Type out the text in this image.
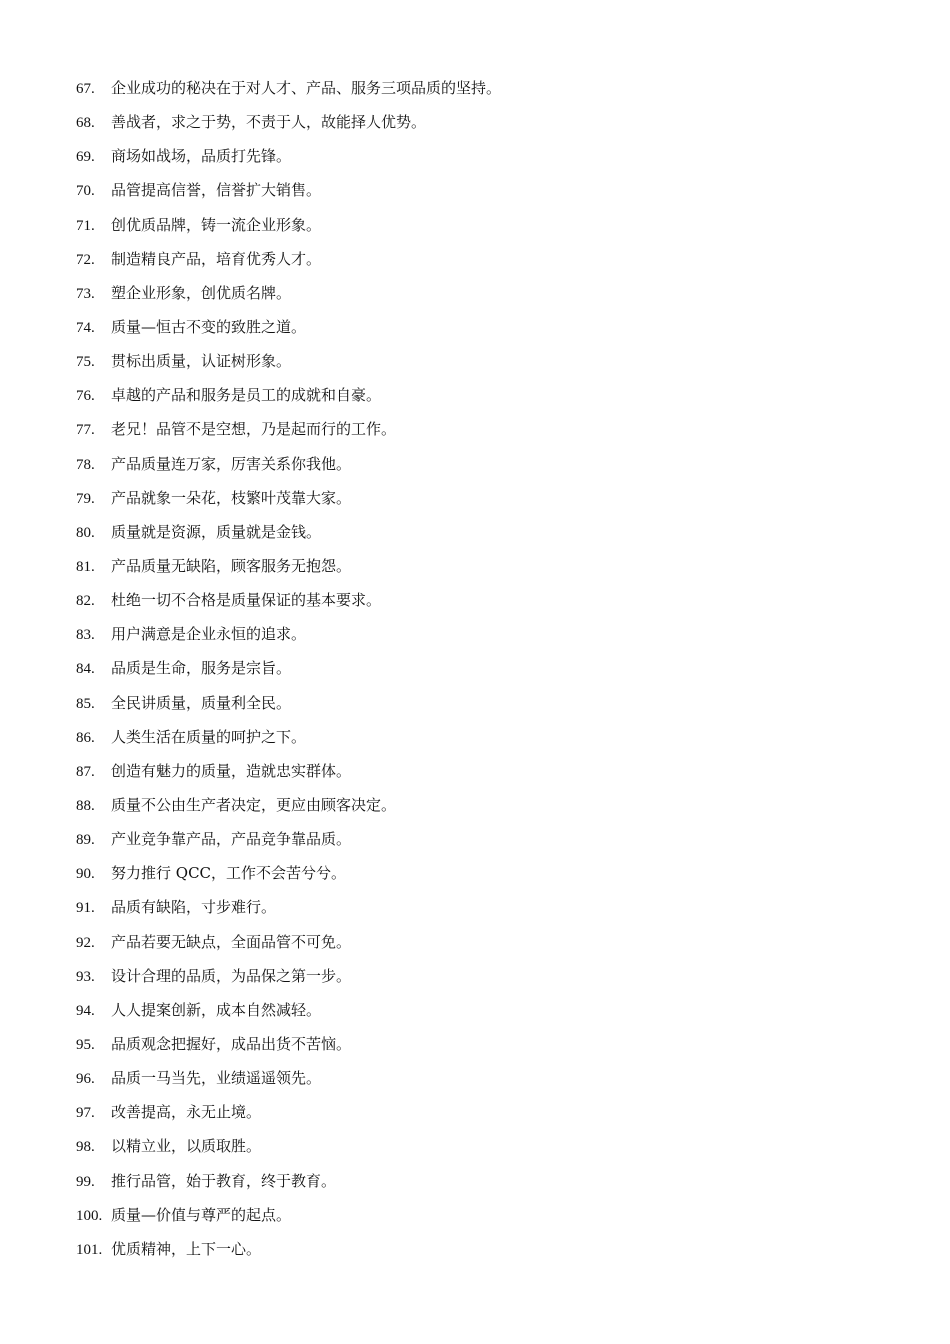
67. 企业成功的秘决在于对人才、产品、服务三项品质的坚持。
68. 善战者，求之于势，不责于人，故能择人优势。
69. 商场如战场，品质打先锋。
70. 品管提高信誉，信誉扩大销售。
71. 创优质品牌，铸一流企业形象。
72. 制造精良产品，培育优秀人才。
73. 塑企业形象，创优质名牌。
74. 质量—恒古不变的致胜之道。
75. 贯标出质量，认证树形象。
76. 卓越的产品和服务是员工的成就和自豪。
77. 老兄！品管不是空想，乃是起而行的工作。
78. 产品质量连万家，厉害关系你我他。
79. 产品就象一朵花，枝繁叶茂靠大家。
80. 质量就是资源，质量就是金钱。
81. 产品质量无缺陷，顾客服务无抱怨。
82. 杜绝一切不合格是质量保证的基本要求。
83. 用户满意是企业永恒的追求。
84. 品质是生命，服务是宗旨。
85. 全民讲质量，质量利全民。
86. 人类生活在质量的呵护之下。
87. 创造有魅力的质量，造就忠实群体。
88. 质量不公由生产者决定，更应由顾客决定。
89. 产业竞争靠产品，产品竞争靠品质。
90. 努力推行 QCC，工作不会苦兮兮。
91. 品质有缺陷，寸步难行。
92. 产品若要无缺点，全面品管不可免。
93. 设计合理的品质，为品保之第一步。
94. 人人提案创新，成本自然减轻。
95. 品质观念把握好，成品出货不苦恼。
96. 品质一马当先，业绩遥遥领先。
97. 改善提高，永无止境。
98. 以精立业，以质取胜。
99. 推行品管，始于教育，终于教育。
100. 质量—价值与尊严的起点。
101. 优质精神，上下一心。
